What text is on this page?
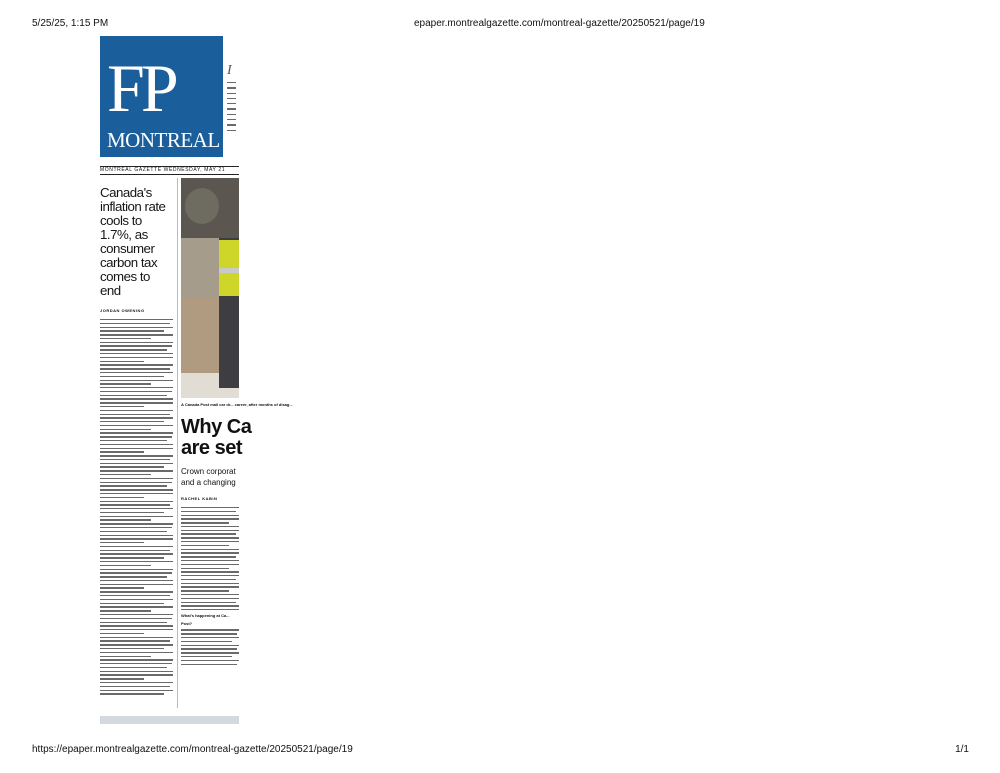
5/25/25, 1:15 PM	epaper.montrealgazette.com/montreal-gazette/20250521/page/19
FP
MONTREAL
I
MONTREAL GAZETTE WEDNESDAY, MAY 21
Canada's inflation rate cools to 1.7%, as consumer carbon tax comes to end
JORDAN OWENING
A Canada Post mail car dr... career, after months of disag...
Why Ca
are set
Crown corporat
and a changing
RACHEL KABIN
What's happening at Ca...
Post?
https://epaper.montrealgazette.com/montreal-gazette/20250521/page/19	1/1
